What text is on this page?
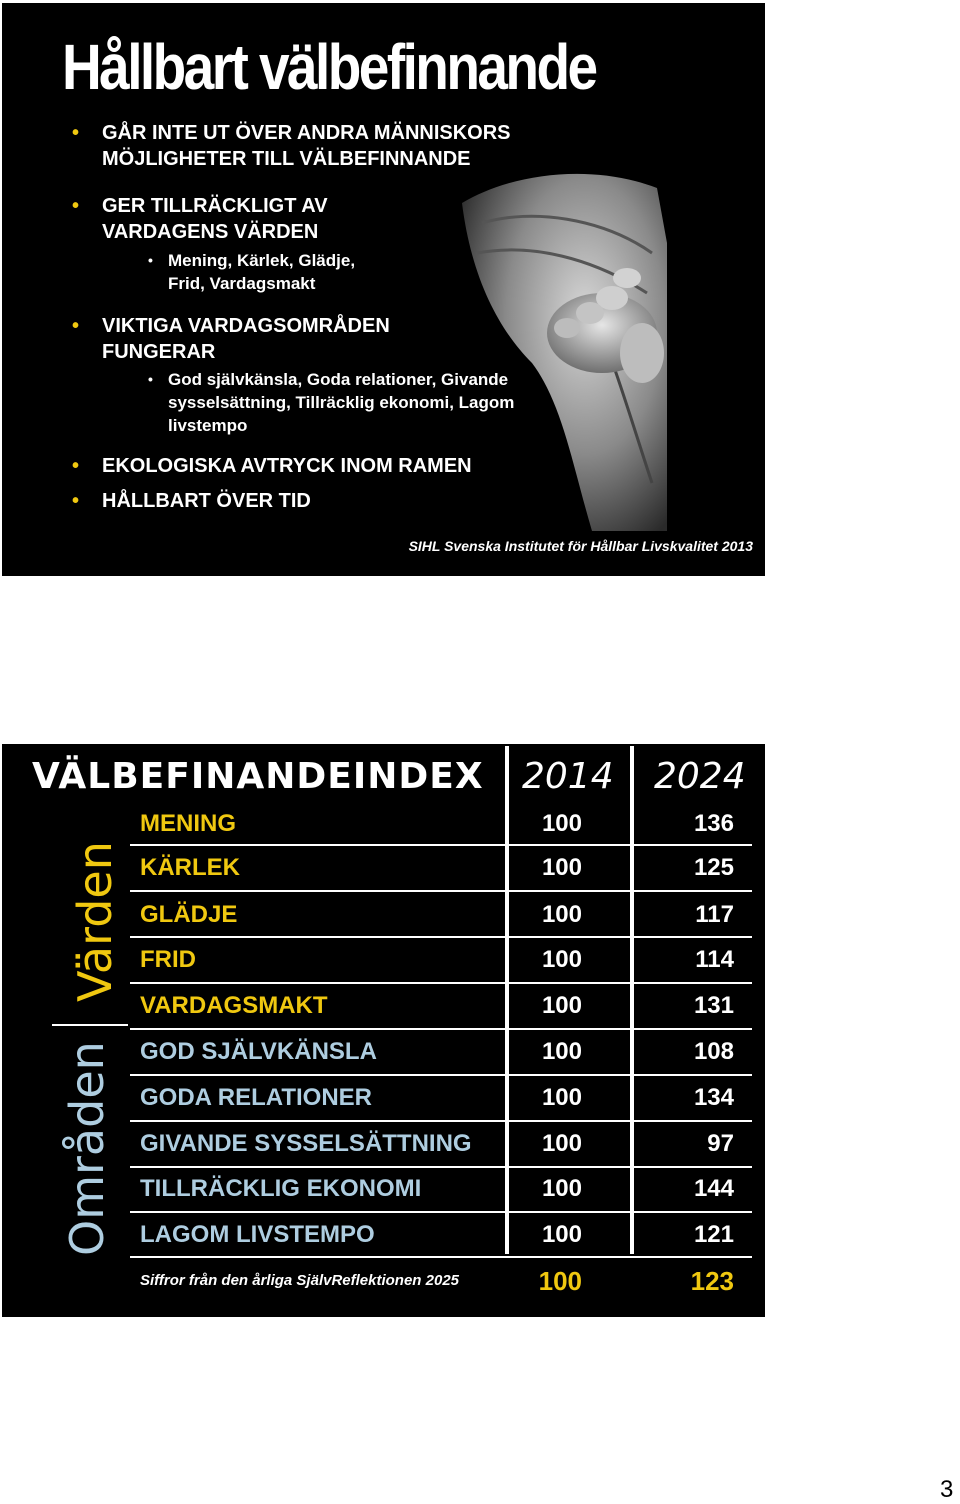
Hållbart välbefinnande
• GÅR INTE UT ÖVER ANDRA MÄNNISKORS
MÖJLIGHETER TILL VÄLBEFINNANDE
• GER TILLRÄCKLIGT AV
VARDAGENS VÄRDEN
• Mening, Kärlek, Glädje,
Frid, Vardagsmakt
• VIKTIGA VARDAGSOMRÅDEN
FUNGERAR
• God självkänsla, Goda relationer, Givande
sysselsättning, Tillräcklig ekonomi, Lagom
livstempo
• EKOLOGISKA AVTRYCK INOM RAMEN
• HÅLLBART ÖVER TID
SIHL Svenska Institutet för Hållbar Livskvalitet 2013
VÄLBEFINANDEINDEX 2014 2024
Områden
Värden
MENING	100	136
KÄRLEK	100	125
GLÄDJE	100	117
FRID	100	114
VARDAGSMAKT	100	131
GOD SJÄLVKÄNSLA	100	108
GODA RELATIONER	100	134
GIVANDE SYSSELSÄTTNING	100	97
TILLRÄCKLIG EKONOMI	100	144
LAGOM LIVSTEMPO	100	121
Siffror från den årliga SjälvReflektionen 2025	100	123
3
